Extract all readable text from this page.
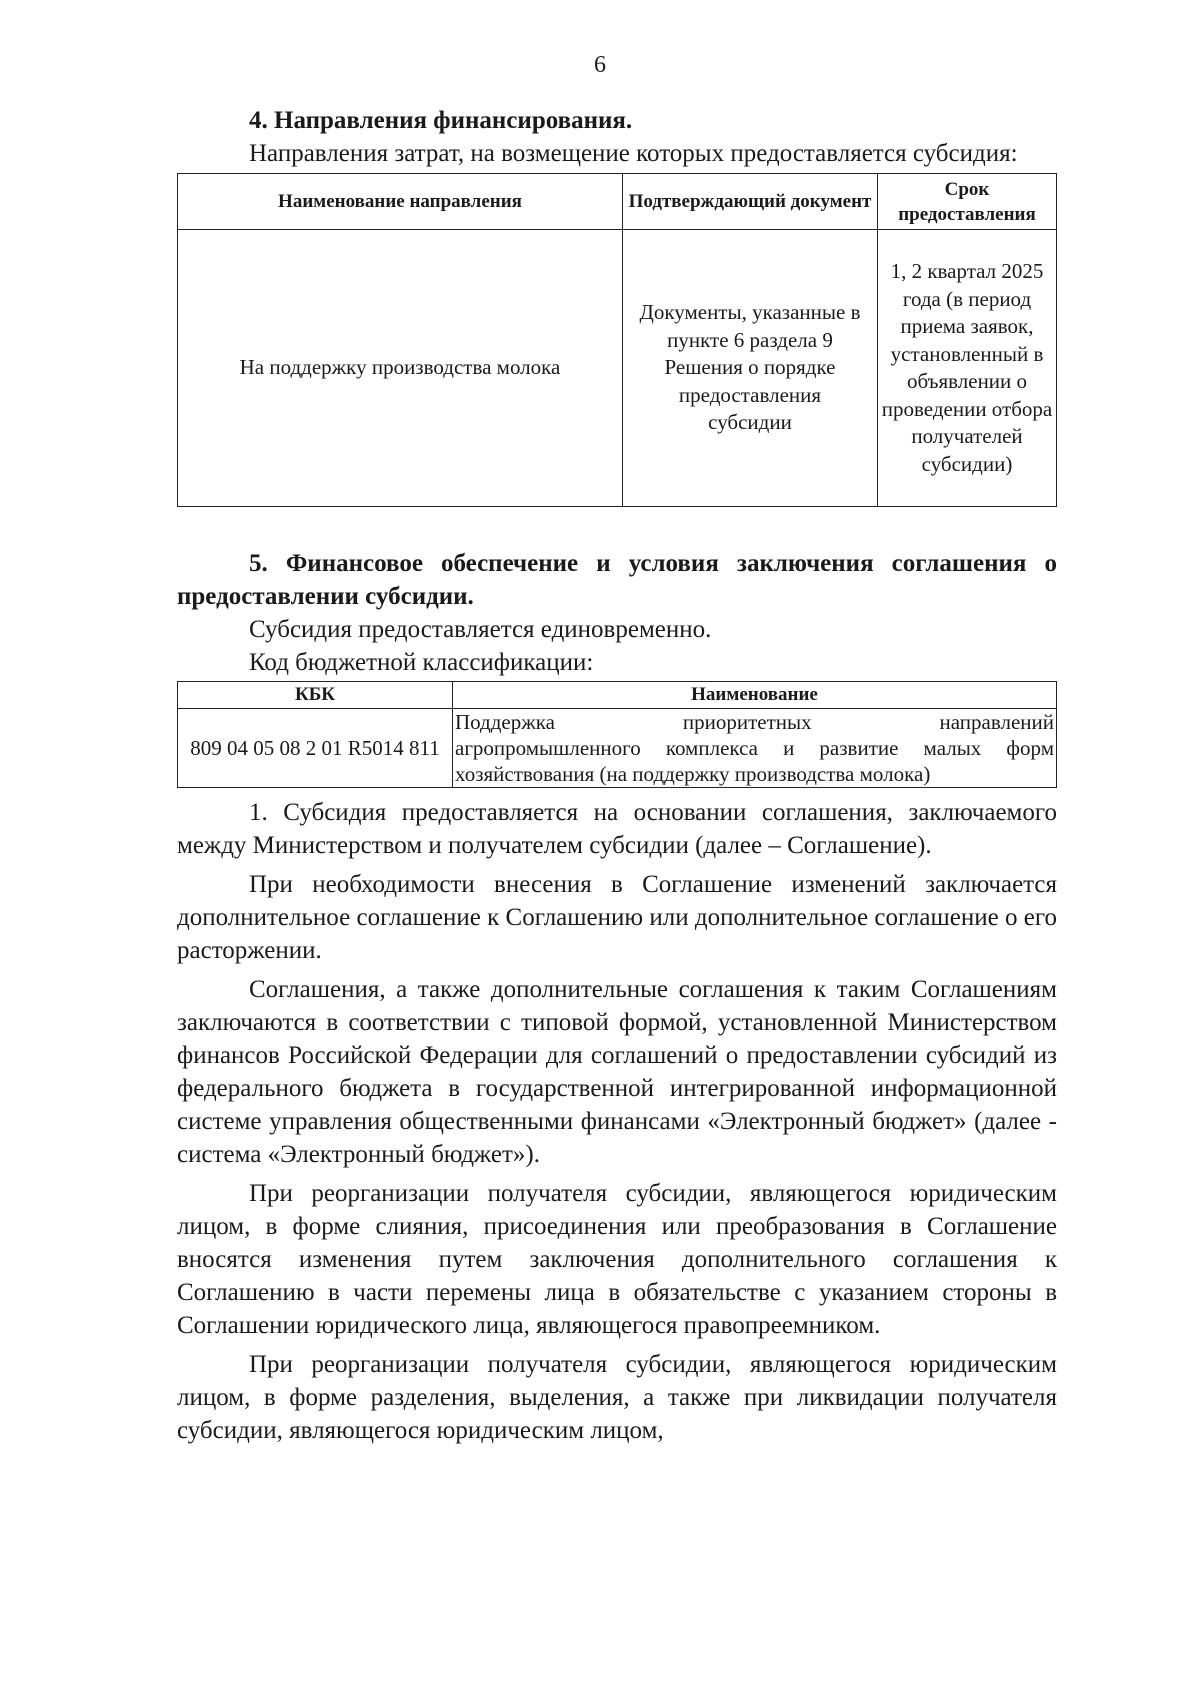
6

4. Направления финансирования.

Направления затрат, на возмещение которых предоставляется субсидия:

Наименование направления	Подтверждающий документ	Срок предоставления
На поддержку производства молока	Документы, указанные в пункте 6 раздела 9 Решения о порядке предоставления субсидии	1, 2 квартал 2025 года (в период приема заявок, установленный в объявлении о проведении отбора получателей субсидии)

5. Финансовое обеспечение и условия заключения соглашения о предоставлении субсидии.

Субсидия предоставляется единовременно.

Код бюджетной классификации:

КБК	Наименование
809 04 05 08 2 01 R5014 811	Поддержка приоритетных направлений
агропромышленного комплекса и развитие малых форм
хозяйствования (на поддержку производства молока)

1. Субсидия предоставляется на основании соглашения, заключаемого между Министерством и получателем субсидии (далее – Соглашение).

При необходимости внесения в Соглашение изменений заключается дополнительное соглашение к Соглашению или дополнительное соглашение о его расторжении.

Соглашения, а также дополнительные соглашения к таким Соглашениям заключаются в соответствии с типовой формой, установленной Министерством финансов Российской Федерации для соглашений о предоставлении субсидий из федерального бюджета в государственной интегрированной информационной системе управления общественными финансами «Электронный бюджет» (далее - система «Электронный бюджет»).

При реорганизации получателя субсидии, являющегося юридическим лицом, в форме слияния, присоединения или преобразования в Соглашение вносятся изменения путем заключения дополнительного соглашения к Соглашению в части перемены лица в обязательстве с указанием стороны в Соглашении юридического лица, являющегося правопреемником.

При реорганизации получателя субсидии, являющегося юридическим лицом, в форме разделения, выделения, а также при ликвидации получателя субсидии, являющегося юридическим лицом,
